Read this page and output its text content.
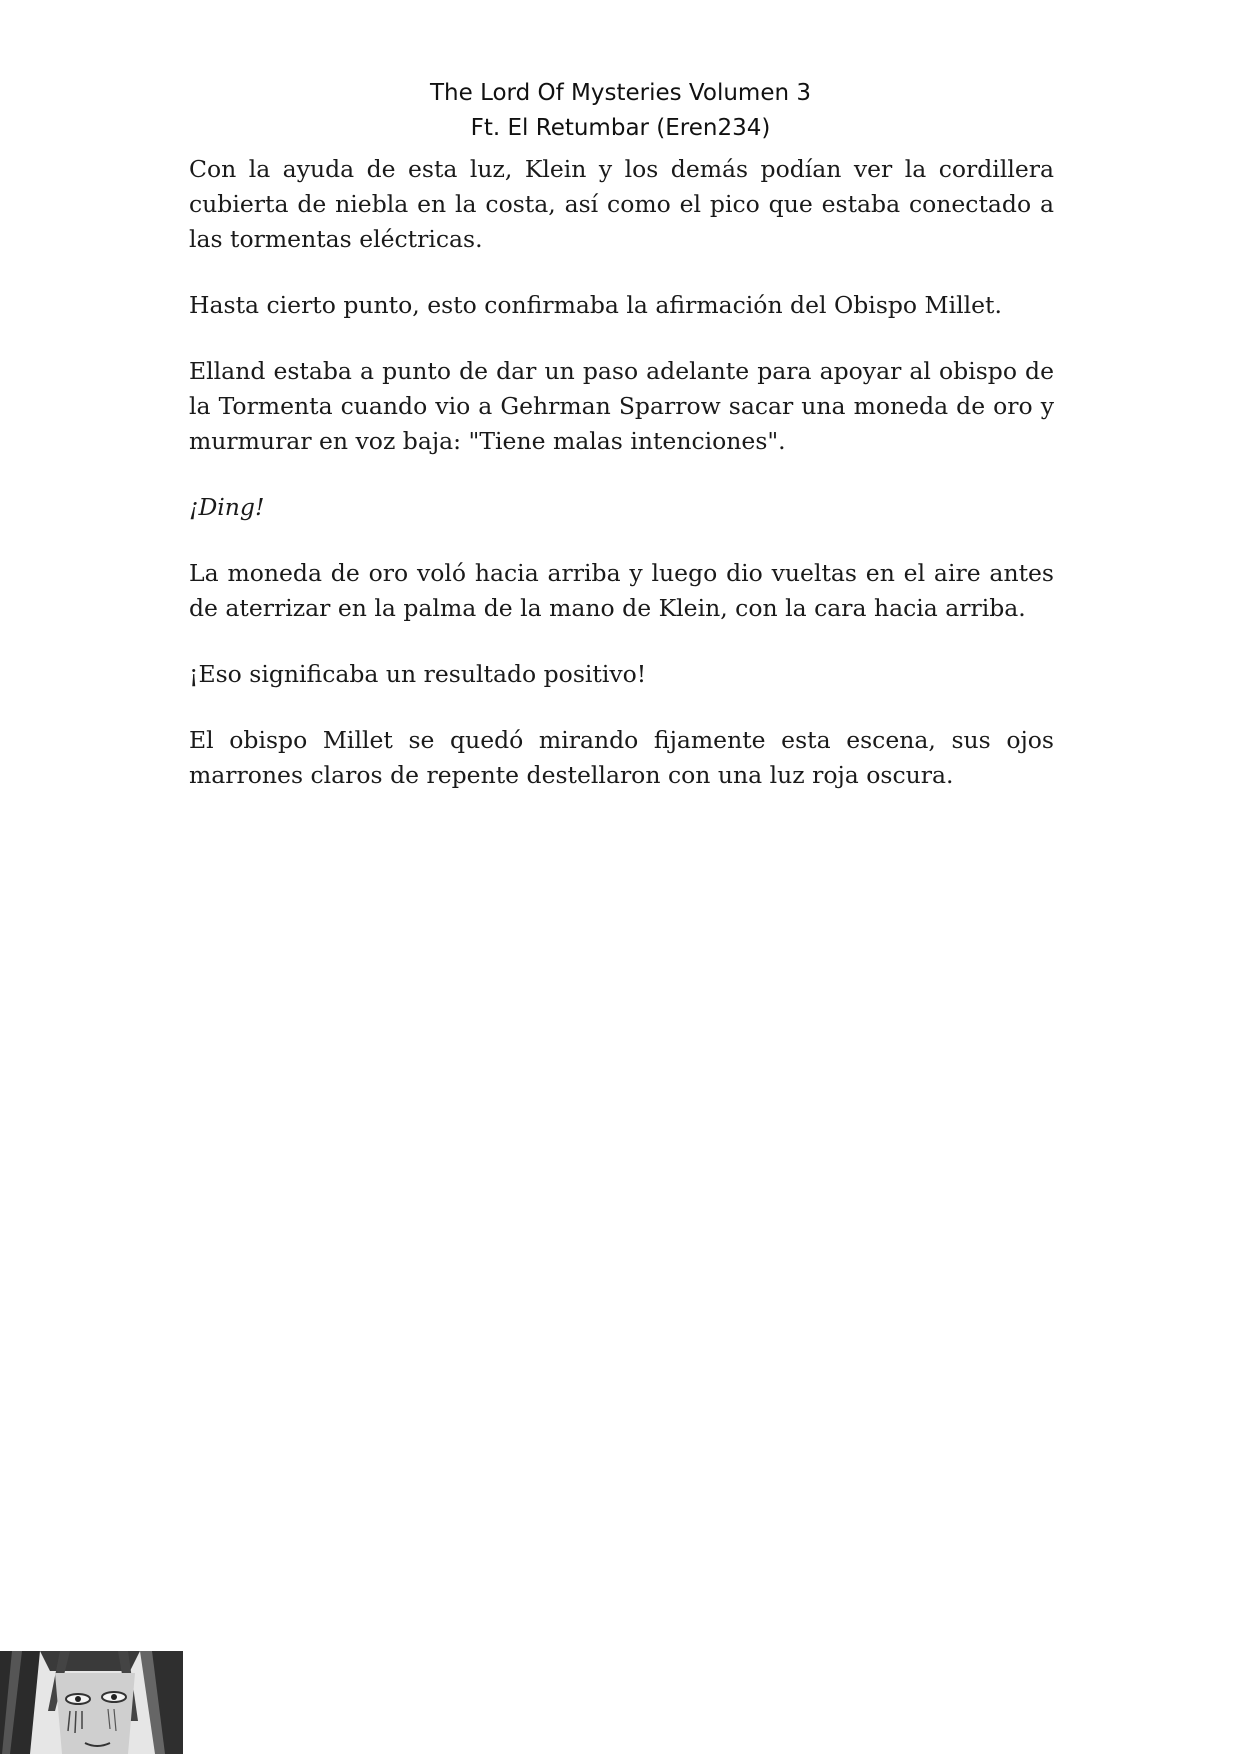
The Lord Of Mysteries Volumen 3
Ft. El Retumbar (Eren234)

Con la ayuda de esta luz, Klein y los demás podían ver la cordillera cubierta de niebla en la costa, así como el pico que estaba conectado a las tormentas eléctricas.

Hasta cierto punto, esto confirmaba la afirmación del Obispo Millet.

Elland estaba a punto de dar un paso adelante para apoyar al obispo de la Tormenta cuando vio a Gehrman Sparrow sacar una moneda de oro y murmurar en voz baja: "Tiene malas intenciones".

¡Ding!

La moneda de oro voló hacia arriba y luego dio vueltas en el aire antes de aterrizar en la palma de la mano de Klein, con la cara hacia arriba.

¡Eso significaba un resultado positivo!

El obispo Millet se quedó mirando fijamente esta escena, sus ojos marrones claros de repente destellaron con una luz roja oscura.
